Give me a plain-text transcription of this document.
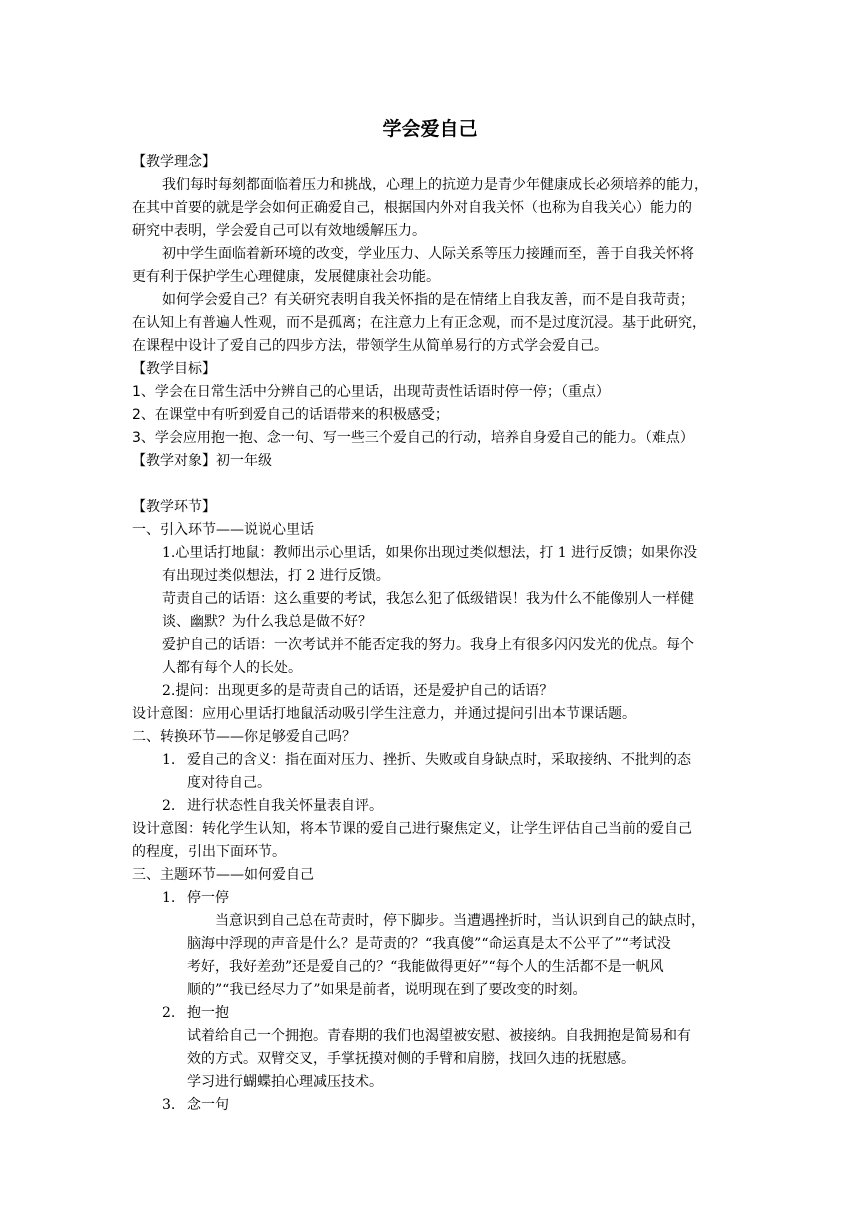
学会爱自己
【教学理念】
我们每时每刻都面临着压力和挑战，心理上的抗逆力是青少年健康成长必须培养的能力，
在其中首要的就是学会如何正确爱自己，根据国内外对自我关怀（也称为自我关心）能力的
研究中表明，学会爱自己可以有效地缓解压力。
初中学生面临着新环境的改变，学业压力、人际关系等压力接踵而至，善于自我关怀将
更有利于保护学生心理健康，发展健康社会功能。
如何学会爱自己？有关研究表明自我关怀指的是在情绪上自我友善，而不是自我苛责；
在认知上有普遍人性观，而不是孤离；在注意力上有正念观，而不是过度沉浸。基于此研究，
在课程中设计了爱自己的四步方法，带领学生从简单易行的方式学会爱自己。
【教学目标】
1、学会在日常生活中分辨自己的心里话，出现苛责性话语时停一停；（重点）
2、在课堂中有听到爱自己的话语带来的积极感受；
3、学会应用抱一抱、念一句、写一些三个爱自己的行动，培养自身爱自己的能力。（难点）
【教学对象】初一年级
【教学环节】
一、引入环节——说说心里话
1.心里话打地鼠：教师出示心里话，如果你出现过类似想法，打 1 进行反馈；如果你没
有出现过类似想法，打 2 进行反馈。
苛责自己的话语：这么重要的考试，我怎么犯了低级错误！我为什么不能像别人一样健
谈、幽默？为什么我总是做不好？
爱护自己的话语：一次考试并不能否定我的努力。我身上有很多闪闪发光的优点。每个
人都有每个人的长处。
2.提问：出现更多的是苛责自己的话语，还是爱护自己的话语？
设计意图：应用心里话打地鼠活动吸引学生注意力，并通过提问引出本节课话题。
二、转换环节——你足够爱自己吗？
1. 爱自己的含义：指在面对压力、挫折、失败或自身缺点时，采取接纳、不批判的态
度对待自己。
2. 进行状态性自我关怀量表自评。
设计意图：转化学生认知，将本节课的爱自己进行聚焦定义，让学生评估自己当前的爱自己
的程度，引出下面环节。
三、主题环节——如何爱自己
1. 停一停
当意识到自己总在苛责时，停下脚步。当遭遇挫折时，当认识到自己的缺点时，
脑海中浮现的声音是什么？是苛责的？“我真傻”“命运真是太不公平了”“考试没
考好，我好差劲”还是爱自己的？“我能做得更好”“每个人的生活都不是一帆风
顺的”“我已经尽力了”如果是前者，说明现在到了要改变的时刻。
2. 抱一抱
试着给自己一个拥抱。青春期的我们也渴望被安慰、被接纳。自我拥抱是简易和有
效的方式。双臂交叉，手掌抚摸对侧的手臂和肩膀，找回久违的抚慰感。
学习进行蝴蝶拍心理减压技术。
3. 念一句
